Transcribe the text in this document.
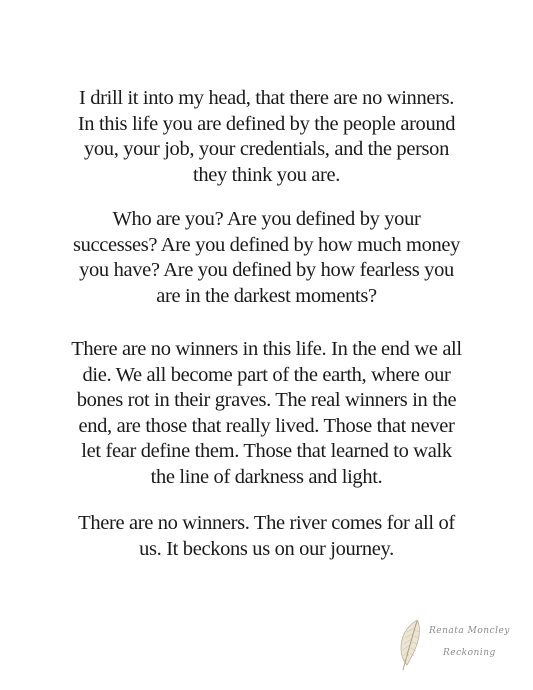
I drill it into my head, that there are no winners.
In this life you are defined by the people around
you, your job, your credentials, and the person
they think you are.
Who are you? Are you defined by your
successes? Are you defined by how much money
you have? Are you defined by how fearless you
are in the darkest moments?
There are no winners in this life. In the end we all
die. We all become part of the earth, where our
bones rot in their graves. The real winners in the
end, are those that really lived. Those that never
let fear define them. Those that learned to walk
the line of darkness and light.
There are no winners. The river comes for all of
us. It beckons us on our journey.
Renata Moncley
Reckoning
